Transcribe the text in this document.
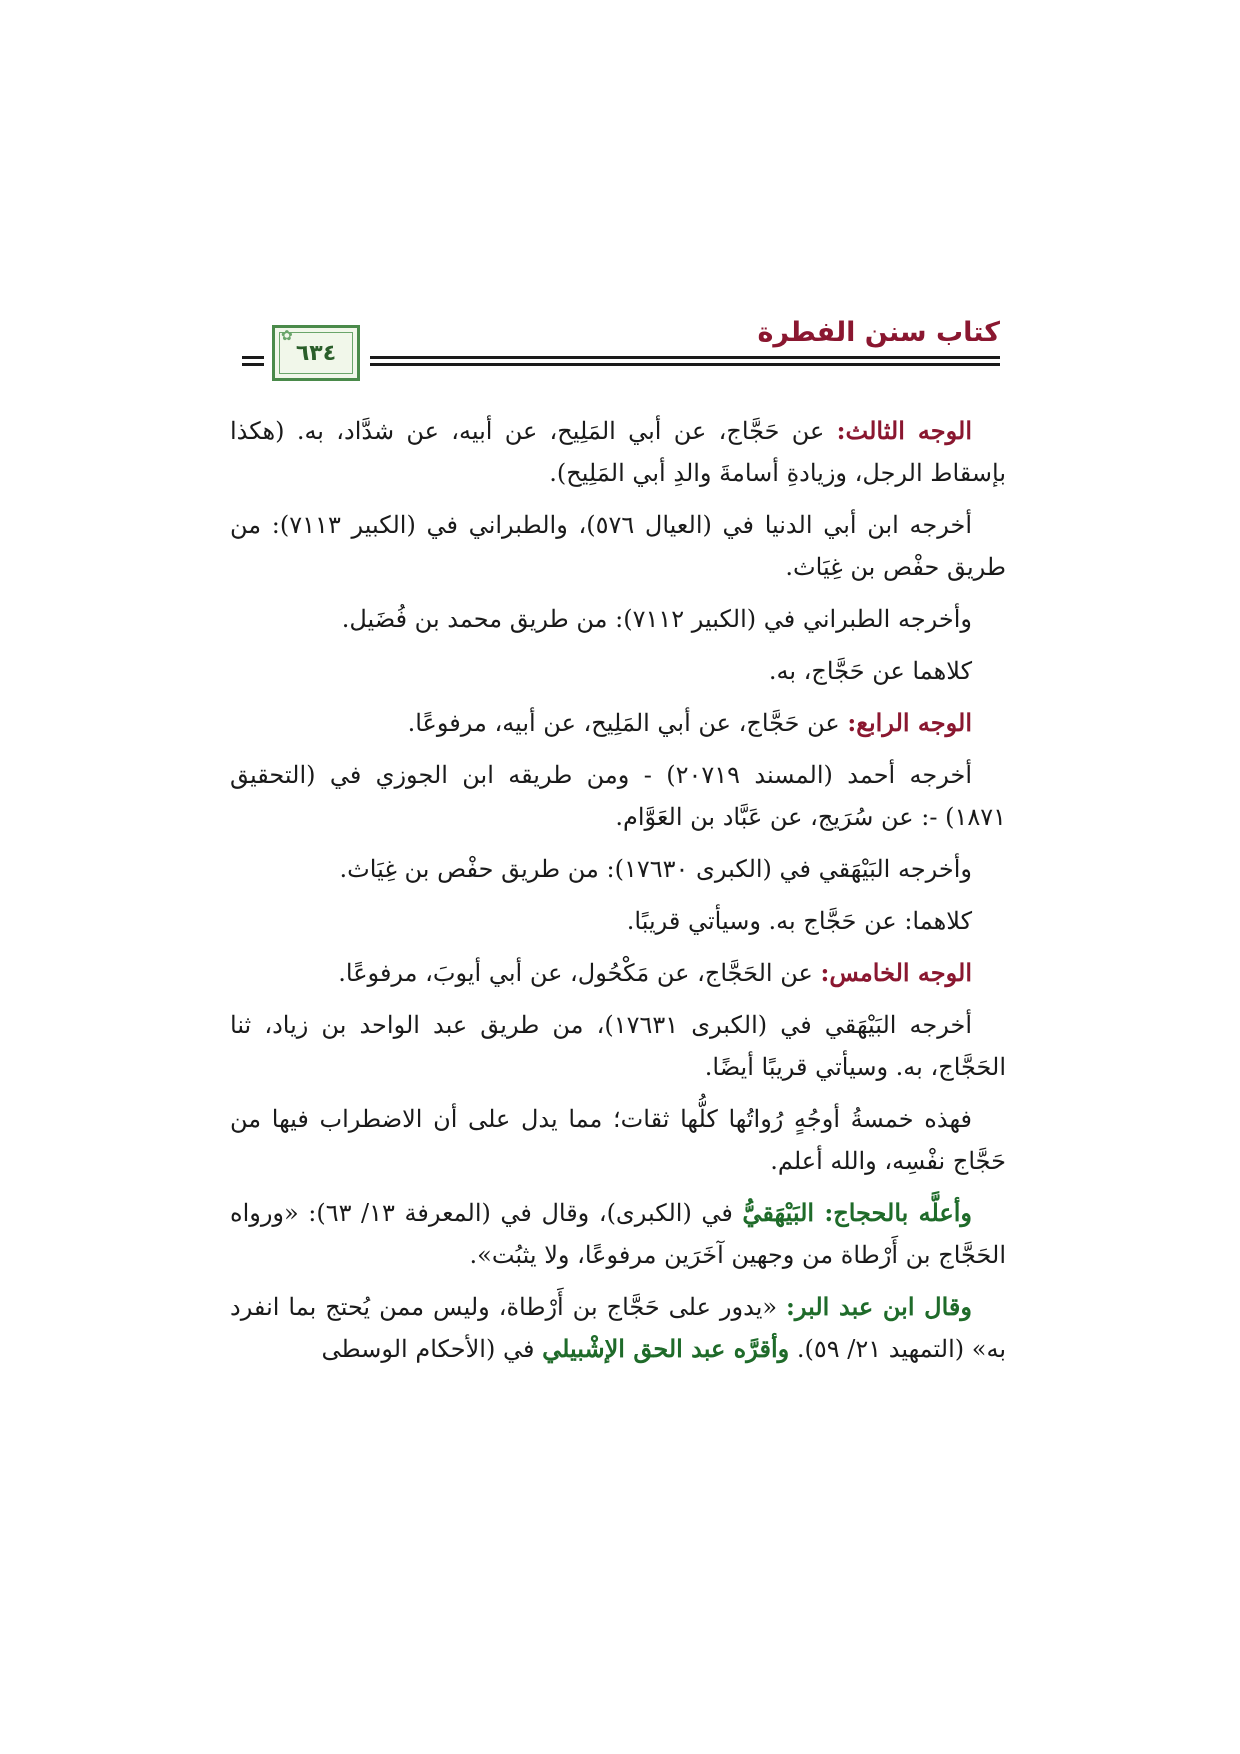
كتاب سنن الفطرة
٦٣٤
✿

الوجه الثالث: عن حَجَّاج، عن أبي المَلِيح، عن أبيه، عن شدَّاد، به. (هكذا بإسقاط الرجل، وزيادةِ أسامةَ والدِ أبي المَلِيح).

أخرجه ابن أبي الدنيا في (العيال ٥٧٦)، والطبراني في (الكبير ٧١١٣): من طريق حفْص بن غِيَاث.

وأخرجه الطبراني في (الكبير ٧١١٢): من طريق محمد بن فُضَيل.

كلاهما عن حَجَّاج، به.

الوجه الرابع: عن حَجَّاج، عن أبي المَلِيح، عن أبيه، مرفوعًا.

أخرجه أحمد (المسند ٢٠٧١٩) - ومن طريقه ابن الجوزي في (التحقيق ١٨٧١) -: عن سُرَيج، عن عَبَّاد بن العَوَّام.

وأخرجه البَيْهَقي في (الكبرى ١٧٦٣٠): من طريق حفْص بن غِيَاث.

كلاهما: عن حَجَّاج به. وسيأتي قريبًا.

الوجه الخامس: عن الحَجَّاج، عن مَكْحُول، عن أبي أيوبَ، مرفوعًا.

أخرجه البَيْهَقي في (الكبرى ١٧٦٣١)، من طريق عبد الواحد بن زياد، ثنا الحَجَّاج، به. وسيأتي قريبًا أيضًا.

فهذه خمسةُ أوجُهٍ رُواتُها كلُّها ثقات؛ مما يدل على أن الاضطراب فيها من حَجَّاج نفْسِه، والله أعلم.

وأعلَّه بالحجاج: البَيْهَقيُّ في (الكبرى)، وقال في (المعرفة ١٣/ ٦٣): «ورواه الحَجَّاج بن أَرْطاة من وجهين آخَرَين مرفوعًا، ولا يثبُت».

وقال ابن عبد البر: «يدور على حَجَّاج بن أَرْطاة، وليس ممن يُحتج بما انفرد به» (التمهيد ٢١/ ٥٩). وأقرَّه عبد الحق الإشْبيلي في (الأحكام الوسطى
